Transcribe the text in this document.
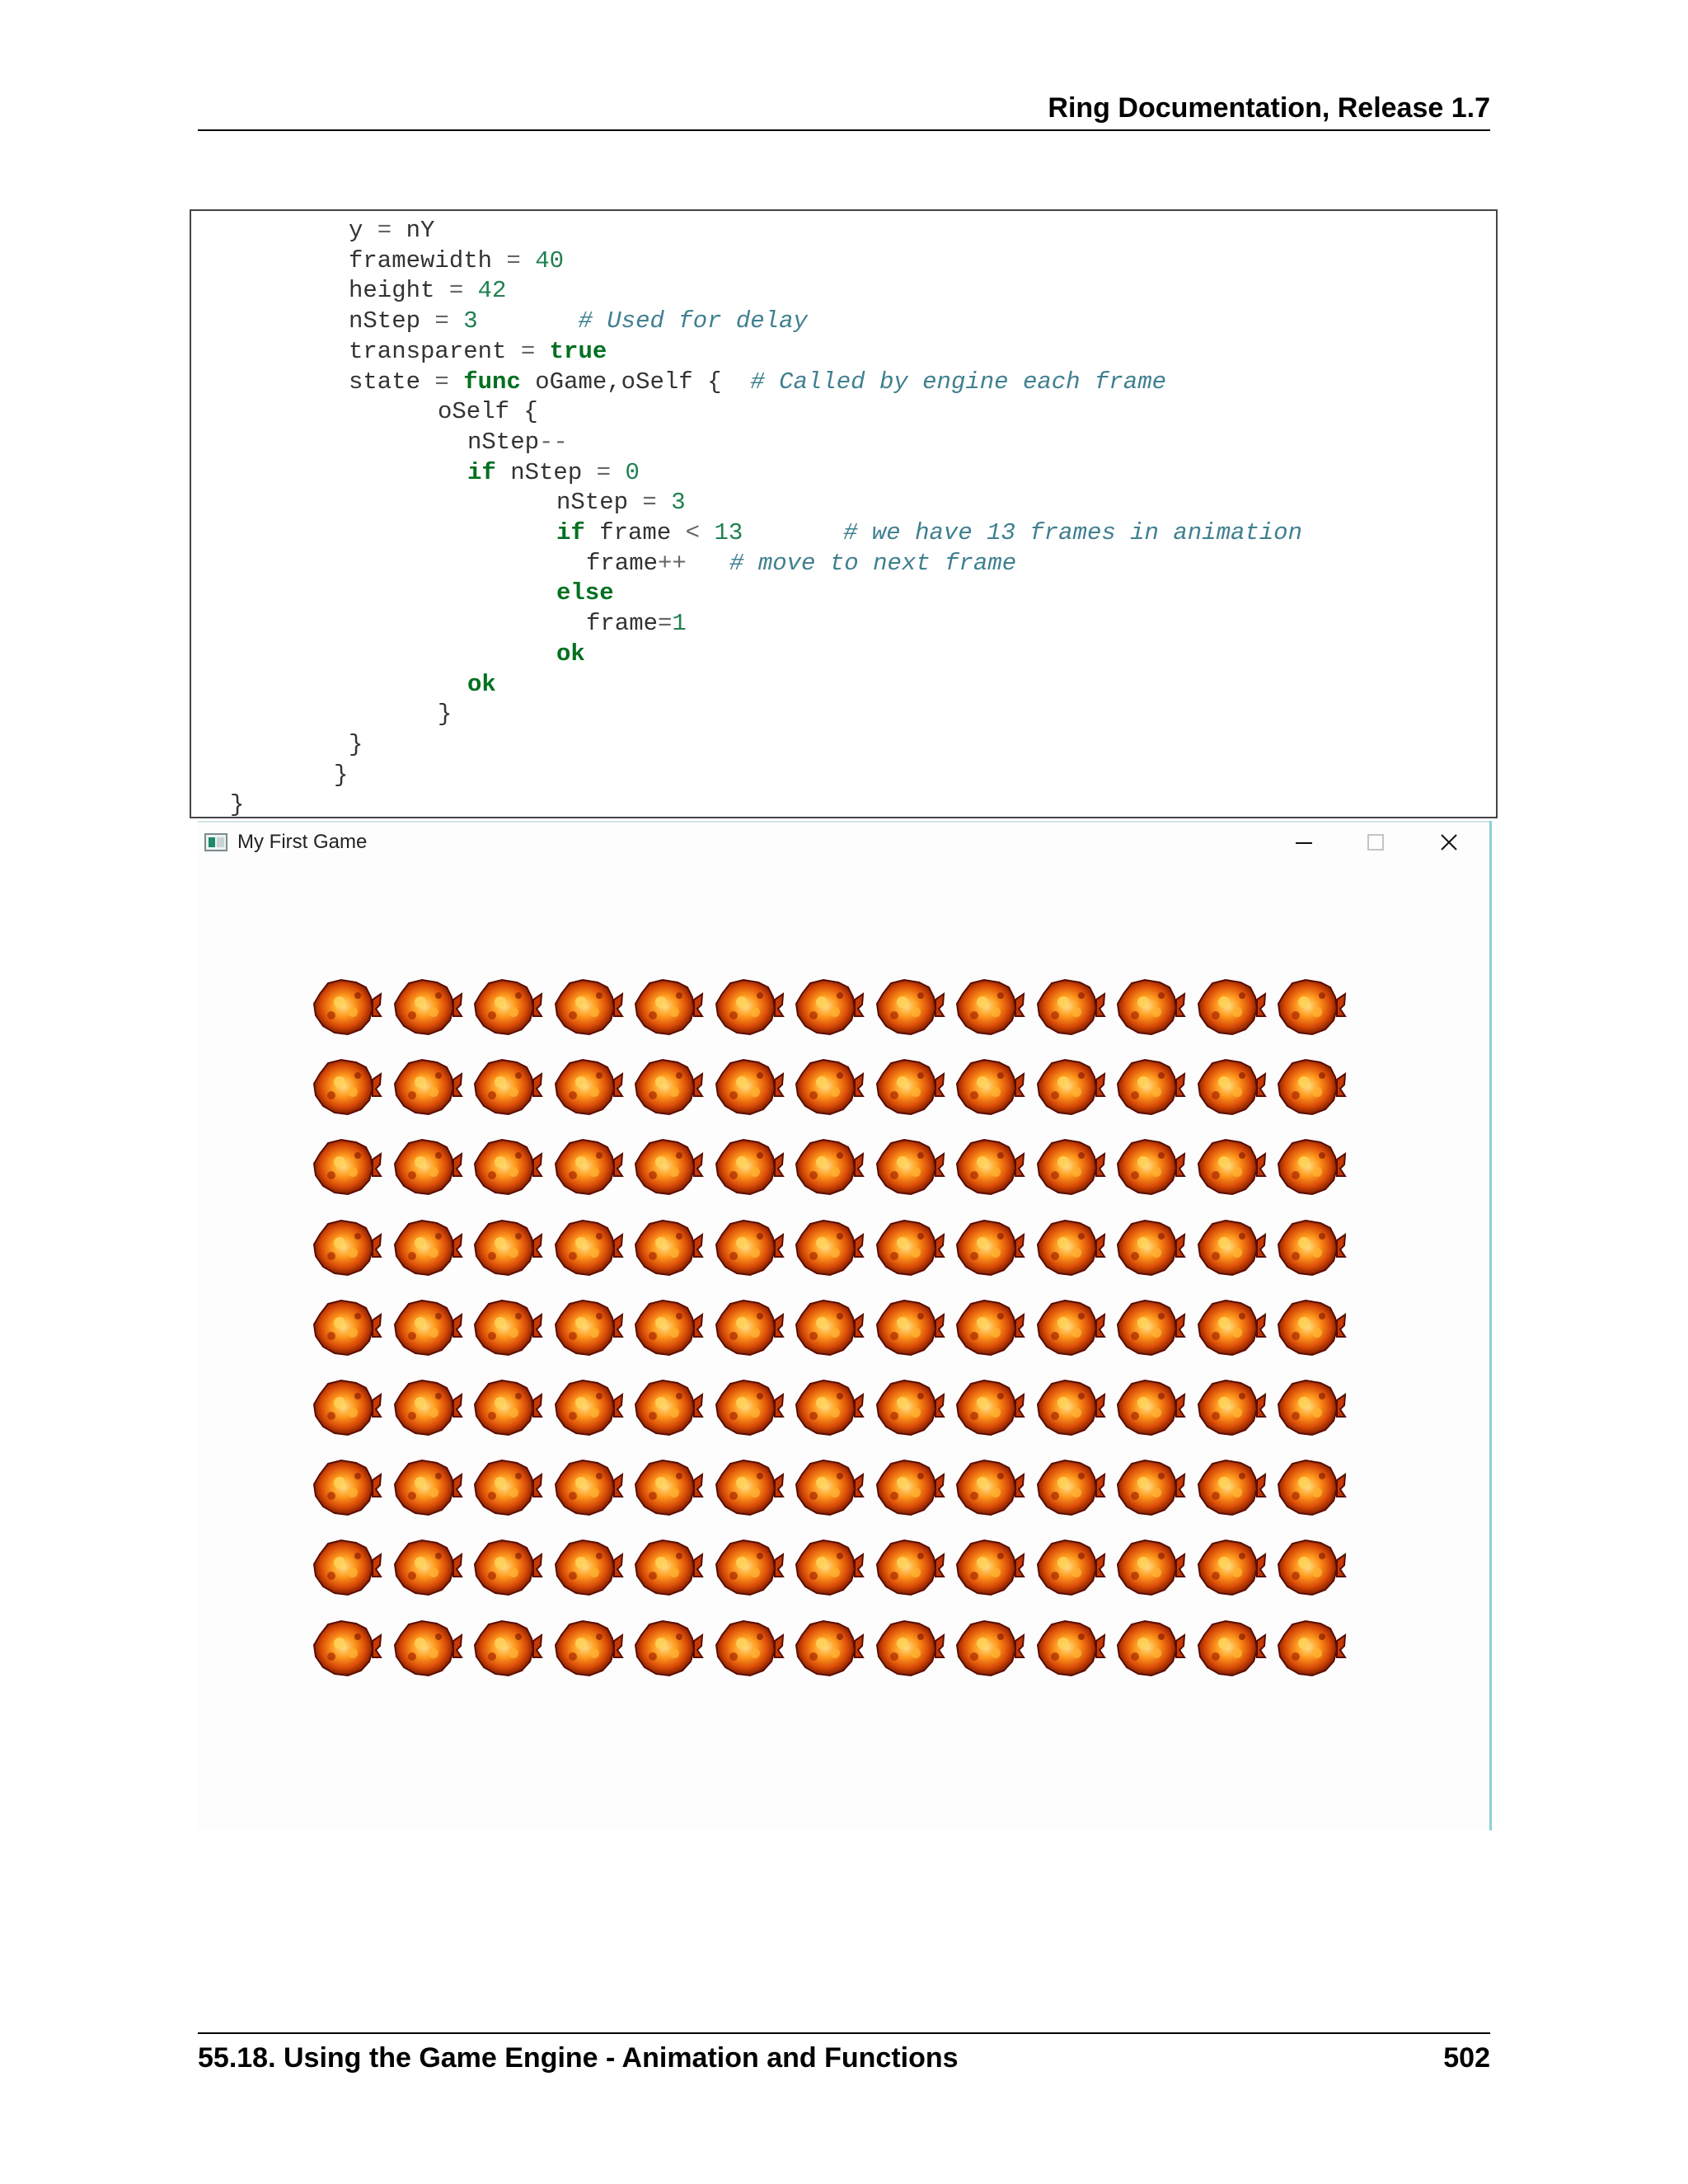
Ring Documentation, Release 1.7
y = nY
framewidth = 40
height = 42
nStep = 3	# Used for delay
transparent = true
state = func oGame,oSelf {  # Called by engine each frame
oSelf {
nStep--
if nStep = 0
nStep = 3
if frame < 13	# we have 13 frames in animation
frame++ # move to next frame
else
frame=1
ok
ok
}
}
}
}
My First Game
55.18. Using the Game Engine - Animation and Functions	502
